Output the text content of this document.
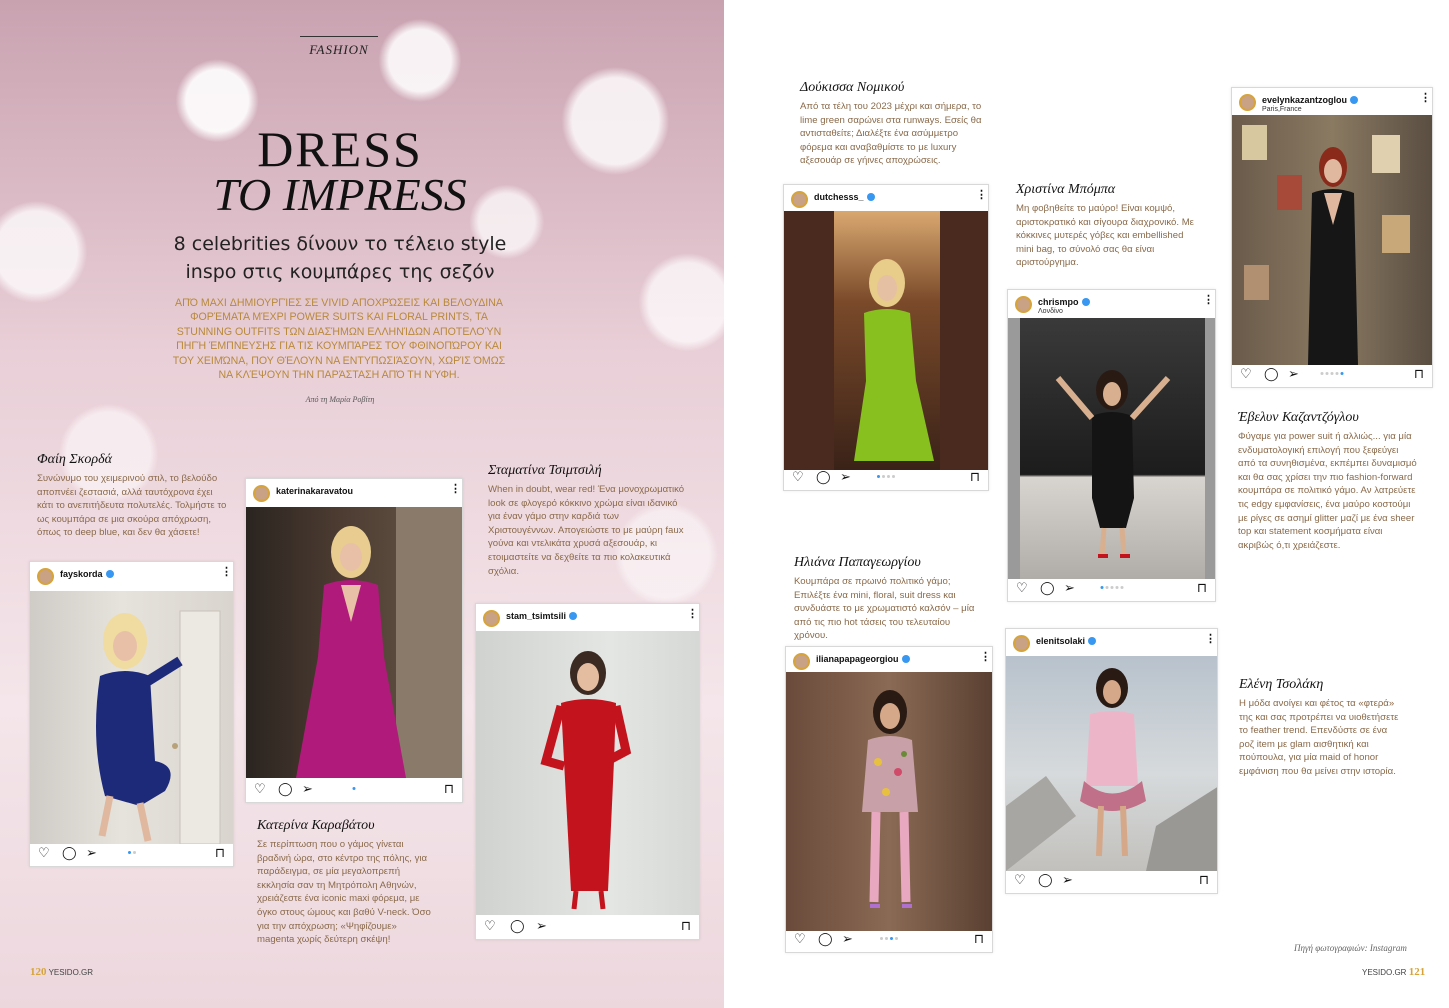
FASHION
DRESS
TO IMPRESS
8 celebrities δίνουν το τέλειο style
inspo στις κουμπάρες της σεζόν
ΑΠΌ MAXI ΔΗΜΙΟΥΡΓΊΕΣ ΣΕ VIVID ΑΠΟΧΡΏΣΕΙΣ ΚΑΙ ΒΕΛΟΥΔΙΝΑ ΦΟΡΈΜΑΤΑ ΜΈΧΡΙ POWER SUITS ΚΑΙ FLORAL PRINTS, ΤΑ STUNNING OUTFITS ΤΩΝ ΔΙΑΣΉΜΩΝ ΕΛΛΗΝΊΔΩΝ ΑΠΟΤΕΛΟΎΝ ΠΗΓΉ ΈΜΠΝΕΥΣΗΣ ΓΙΑ ΤΙΣ ΚΟΥΜΠΆΡΕΣ ΤΟΥ ΦΘΙΝΟΠΏΡΟΥ ΚΑΙ ΤΟΥ ΧΕΙΜΏΝΑ, ΠΟΥ ΘΈΛΟΥΝ ΝΑ ΕΝΤΥΠΩΣΙΆΣΟΥΝ, ΧΩΡΊΣ ΌΜΩΣ ΝΑ ΚΛΈΨΟΥΝ ΤΗΝ ΠΑΡΆΣΤΑΣΗ ΑΠΌ ΤΗ ΝΎΦΗ.
Από τη Μαρία Ροβίτη
Φαίη Σκορδά
Συνώνυμο του χειμερινού στιλ, το βελούδο αποπνέει ζεστασιά, αλλά ταυτόχρονα έχει κάτι το ανεπιτήδευτα πολυτελές. Τολμήστε το ως κουμπάρα σε μια σκούρα απόχρωση, όπως το deep blue, και δεν θα χάσετε!
fayskorda	⋮
♡ ◯ ➢	⊓
katerinakaravatou	⋮
♡ ◯ ➢	⊓
Κατερίνα Καραβάτου
Σε περίπτωση που ο γάμος γίνεται βραδινή ώρα, στο κέντρο της πόλης, για παράδειγμα, σε μία μεγαλοπρεπή εκκλησία σαν τη Μητρόπολη Αθηνών, χρειάζεστε ένα iconic maxi φόρεμα, με όγκο στους ώμους και βαθύ V-neck. Όσο για την απόχρωση; «Ψηφίζουμε» magenta χωρίς δεύτερη σκέψη!
Σταματίνα Τσιμτσιλή
When in doubt, wear red! Ένα μονοχρωματικό look σε φλογερό κόκκινο χρώμα είναι ιδανικό για έναν γάμο στην καρδιά των Χριστουγέννων. Απογειώστε το με μαύρη faux γούνα και ντελικάτα χρυσά αξεσουάρ, κι ετοιμαστείτε να δεχθείτε τα πιο κολακευτικά σχόλια.
stam_tsimtsili	⋮
♡ ◯ ➢	⊓
120 YESIDO.GR
Δούκισσα Νομικού
Από τα τέλη του 2023 μέχρι και σήμερα, το lime green σαρώνει στα runways. Εσείς θα αντισταθείτε; Διαλέξτε ένα ασύμμετρο φόρεμα και αναβαθμίστε το με luxury αξεσουάρ σε γήινες αποχρώσεις.
dutchesss_	⋮
♡ ◯ ➢	⊓
Χριστίνα Μπόμπα
Μη φοβηθείτε το μαύρο! Είναι κομψό, αριστοκρατικό και σίγουρα διαχρονικό. Με κόκκινες μυτερές γόβες και embellished mini bag, το σύνολό σας θα είναι αριστούργημα.
chrismpo
Λονδίνο
⋮
♡ ◯ ➢	⊓
evelynkazantzoglou
Paris,France
⋮
♡ ◯ ➢	⊓
Έβελυν Καζαντζόγλου
Φύγαμε για power suit ή αλλιώς... για μία ενδυματολογική επιλογή που ξεφεύγει από τα συνηθισμένα, εκπέμπει δυναμισμό και θα σας χρίσει την πιο fashion-forward κουμπάρα σε πολιτικό γάμο. Αν λατρεύετε τις edgy εμφανίσεις, ένα μαύρο κοστούμι με ρίγες σε ασημί glitter μαζί με ένα sheer top και statement κοσμήματα είναι ακριβώς ό,τι χρειάζεστε.
Ηλιάνα Παπαγεωργίου
Κουμπάρα σε πρωινό πολιτικό γάμο; Επιλέξτε ένα mini, floral, suit dress και συνδυάστε το με χρωματιστό καλσόν – μία από τις πιο hot τάσεις του τελευταίου χρόνου.
ilianapapageorgiou	⋮
♡ ◯ ➢	⊓
elenitsolaki	⋮
♡ ◯ ➢	⊓
Ελένη Τσολάκη
Η μόδα ανοίγει και φέτος τα «φτερά» της και σας προτρέπει να υιοθετήσετε το feather trend. Επενδύστε σε ένα ροζ item με glam αισθητική και πούπουλα, για μία maid of honor εμφάνιση που θα μείνει στην ιστορία.
Πηγή φωτογραφιών: Instagram
YESIDO.GR 121
